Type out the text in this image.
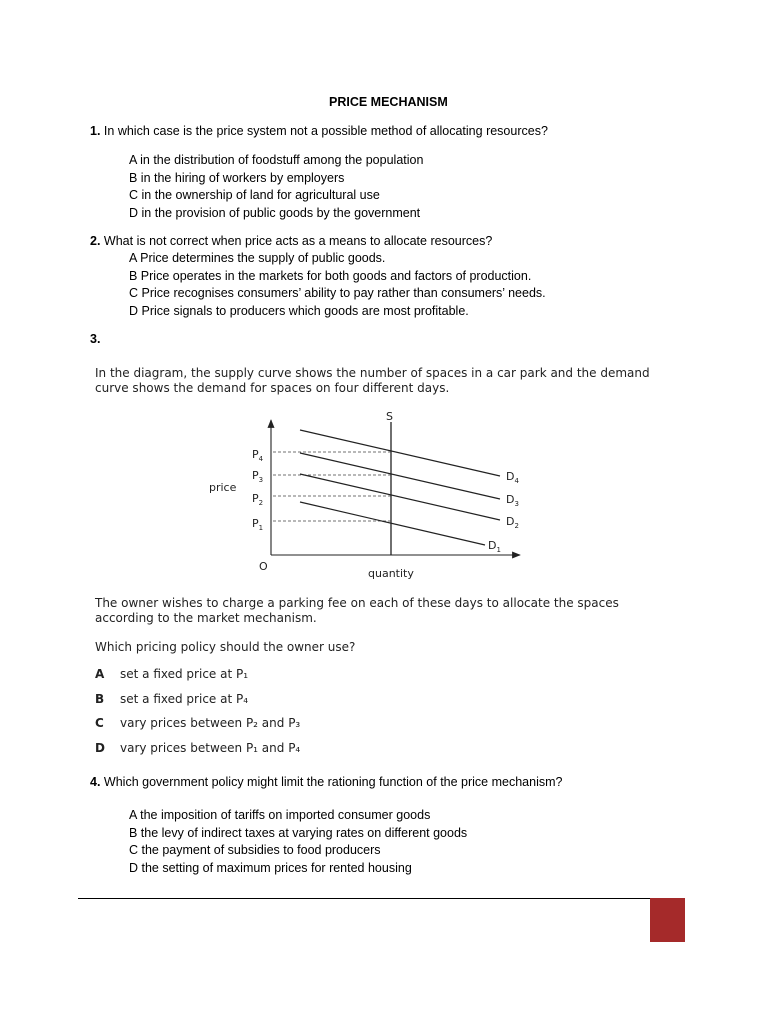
PRICE MECHANISM
1. In which case is the price system not a possible method of allocating resources?
A in the distribution of foodstuff among the population
B in the hiring of workers by employers
C in the ownership of land for agricultural use
D in the provision of public goods by the government
2. What is not correct when price acts as a means to allocate resources?
A Price determines the supply of public goods.
B Price operates in the markets for both goods and factors of production.
C Price recognises consumers’ ability to pay rather than consumers’ needs.
D Price signals to producers which goods are most profitable.
3.
In the diagram, the supply curve shows the number of spaces in a car park and the demand
curve shows the demand for spaces on four different days.
S
$P_4$
$P_3$
$P_2$
$P_1$
$D_4$
$D_3$
$D_2$
$D_1$
price
quantity
O
The owner wishes to charge a parking fee on each of these days to allocate the spaces
according to the market mechanism.
Which pricing policy should the owner use?
A set a fixed price at P₁
B set a fixed price at P₄
C vary prices between P₂ and P₃
D vary prices between P₁ and P₄
4. Which government policy might limit the rationing function of the price mechanism?
A the imposition of tariffs on imported consumer goods
B the levy of indirect taxes at varying rates on different goods
C the payment of subsidies to food producers
D the setting of maximum prices for rented housing
